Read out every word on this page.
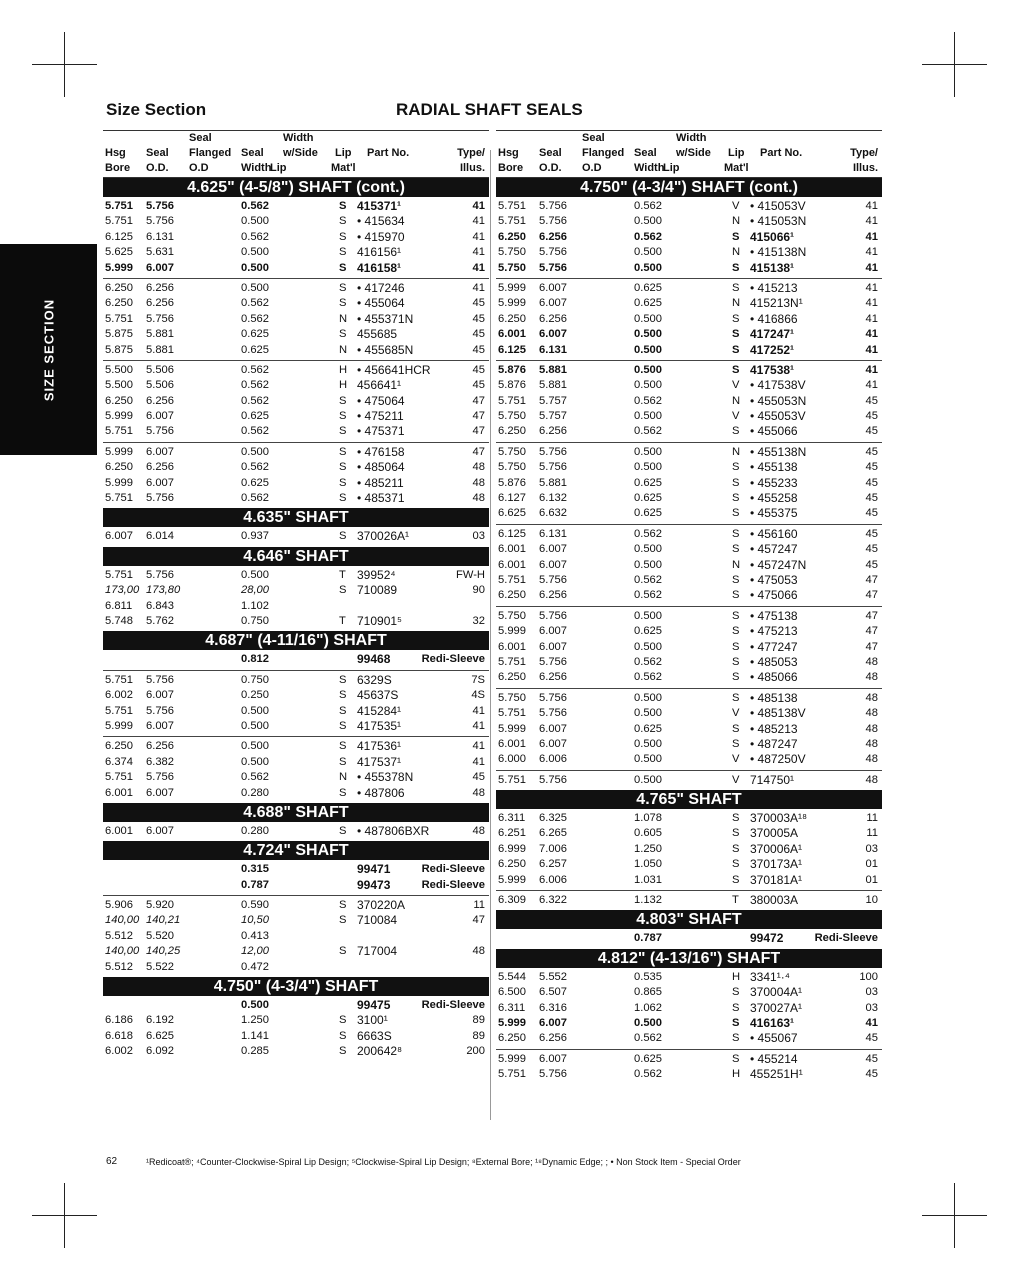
SIZE SECTION
Size Section	RADIAL SHAFT SEALS
Seal	Width
Hsg Seal Flanged Seal w/Side Lip Part No.	Type/
Bore O.D. O.D	Width
Lip	Mat'l	Illus.
4.625" (4-5/8") SHAFT (cont.)
5.751 5.756	0.562	S 415371¹	41
5.751 5.756	0.500	S • 415634	41
6.125 6.131	0.562	S • 415970	41
5.625 5.631	0.500	S 416156¹	41
5.999 6.007	0.500	S 416158¹	41
6.250 6.256	0.500	S • 417246	41
6.250 6.256	0.562	S • 455064	45
5.751 5.756	0.562	N • 455371N	45
5.875 5.881	0.625	S 455685	45
5.875 5.881	0.625	N • 455685N	45
5.500 5.506	0.562	H • 456641HCR	45
5.500 5.506	0.562	H 456641¹	45
6.250 6.256	0.562	S • 475064	47
5.999 6.007	0.625	S • 475211	47
5.751 5.756	0.562	S • 475371	47
5.999 6.007	0.500	S • 476158	47
6.250 6.256	0.562	S • 485064	48
5.999 6.007	0.625	S • 485211	48
5.751 5.756	0.562	S • 485371	48
4.635" SHAFT
6.007 6.014	0.937	S 370026A¹	03
4.646" SHAFT
5.751 5.756	0.500	T 39952⁴	FW-H
173,00 173,80	28,00	S 710089	90
6.811 6.843	1.102
5.748 5.762	0.750	T 710901⁵	32
4.687" (4-11/16") SHAFT
0.812	99468	Redi-Sleeve
5.751 5.756	0.750	S 6329S	7S
6.002 6.007	0.250	S 45637S	4S
5.751 5.756	0.500	S 415284¹	41
5.999 6.007	0.500	S 417535¹	41
6.250 6.256	0.500	S 417536¹	41
6.374 6.382	0.500	S 417537¹	41
5.751 5.756	0.562	N • 455378N	45
6.001 6.007	0.280	S • 487806	48
4.688" SHAFT
6.001 6.007	0.280	S • 487806BXR	48
4.724" SHAFT
0.315	99471	Redi-Sleeve
0.787	99473	Redi-Sleeve
5.906 5.920	0.590	S 370220A	11
140,00 140,21	10,50	S 710084	47
5.512 5.520	0.413
140,00 140,25	12,00	S 717004	48
5.512 5.522	0.472
4.750" (4-3/4") SHAFT
0.500	99475	Redi-Sleeve
6.186 6.192	1.250	S 3100¹	89
6.618 6.625	1.141	S 6663S	89
6.002 6.092	0.285	S 200642⁸	200
Seal	Width
Hsg Seal Flanged Seal w/Side Lip Part No.	Type/
Bore O.D. O.D	Width
Lip	Mat'l	Illus.
4.750" (4-3/4") SHAFT (cont.)
5.751 5.756	0.562	V • 415053V	41
5.751 5.756	0.500	N • 415053N	41
6.250 6.256	0.562	S 415066¹	41
5.750 5.756	0.500	N • 415138N	41
5.750 5.756	0.500	S 415138¹	41
5.999 6.007	0.625	S • 415213	41
5.999 6.007	0.625	N 415213N¹	41
6.250 6.256	0.500	S • 416866	41
6.001 6.007	0.500	S 417247¹	41
6.125 6.131	0.500	S 417252¹	41
5.876 5.881	0.500	S 417538¹	41
5.876 5.881	0.500	V • 417538V	41
5.751 5.757	0.562	N • 455053N	45
5.750 5.757	0.500	V • 455053V	45
6.250 6.256	0.562	S • 455066	45
5.750 5.756	0.500	N • 455138N	45
5.750 5.756	0.500	S • 455138	45
5.876 5.881	0.625	S • 455233	45
6.127 6.132	0.625	S • 455258	45
6.625 6.632	0.625	S • 455375	45
6.125 6.131	0.562	S • 456160	45
6.001 6.007	0.500	S • 457247	45
6.001 6.007	0.500	N • 457247N	45
5.751 5.756	0.562	S • 475053	47
6.250 6.256	0.562	S • 475066	47
5.750 5.756	0.500	S • 475138	47
5.999 6.007	0.625	S • 475213	47
6.001 6.007	0.500	S • 477247	47
5.751 5.756	0.562	S • 485053	48
6.250 6.256	0.562	S • 485066	48
5.750 5.756	0.500	S • 485138	48
5.751 5.756	0.500	V • 485138V	48
5.999 6.007	0.625	S • 485213	48
6.001 6.007	0.500	S • 487247	48
6.000 6.006	0.500	V • 487250V	48
5.751 5.756	0.500	V 714750¹	48
4.765" SHAFT
6.311 6.325	1.078	S 370003A¹⁸	11
6.251 6.265	0.605	S 370005A	11
6.999 7.006	1.250	S 370006A¹	03
6.250 6.257	1.050	S 370173A¹	01
5.999 6.006	1.031	S 370181A¹	01
6.309 6.322	1.132	T 380003A	10
4.803" SHAFT
0.787	99472	Redi-Sleeve
4.812" (4-13/16") SHAFT
5.544 5.552	0.535	H 3341¹·⁴	100
6.500 6.507	0.865	S 370004A¹	03
6.311 6.316	1.062	S 370027A¹	03
5.999 6.007	0.500	S 416163¹	41
6.250 6.256	0.562	S • 455067	45
5.999 6.007	0.625	S • 455214	45
5.751 5.756	0.562	H 455251H¹	45
62	¹Redicoat®; ⁴Counter-Clockwise-Spiral Lip Design; ⁵Clockwise-Spiral Lip Design; ⁸External Bore; ¹⁸Dynamic Edge; ; • Non Stock Item - Special Order
